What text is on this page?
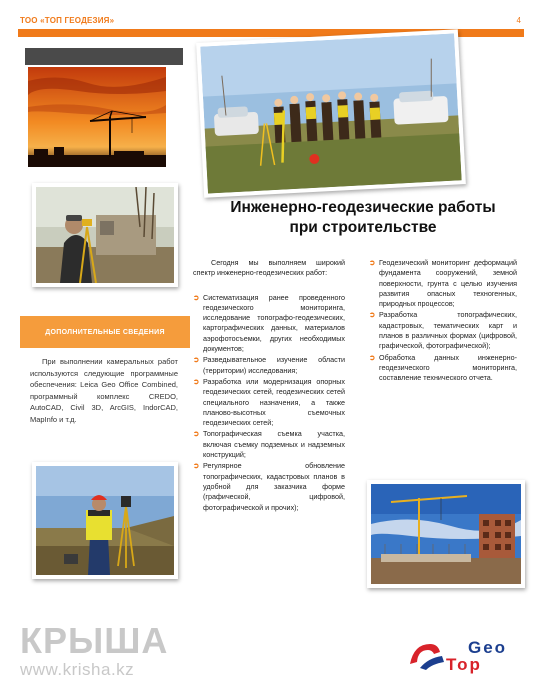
ТОО «ТОП ГЕОДЕЗИЯ»	4
Инженерно-геодезические работы
при строительстве
ДОПОЛНИТЕЛЬНЫЕ СВЕДЕНИЯ
При выполнении камеральных работ используются следующие программные обеспечения: Leica Geo Office Combined, программный комплекс CREDO, AutoCAD, Civil 3D, ArcGIS, IndorCAD, MapInfo и т.д.

Сегодня мы выполняем широкий спектр инженерно-геодезических работ:

➲ Систематизация ранее проведенного геодезического мониторинга, исследование топографо-геодезических, картографических данных, материалов аэрофотосъемки, других необходимых документов;
➲ Разведывательное изучение области (территории) исследования;
➲ Разработка или модернизация опорных геодезических сетей, геодезических сетей специального назначения, а также планово-высотных съемочных геодезических сетей;
➲ Топографическая съемка участка, включая съемку подземных и надземных конструкций;
➲ Регулярное обновление топографических, кадастровых планов в удобной для заказчика форме (графической, цифровой, фотографической и прочих);
➲ Геодезический мониторинг деформаций фундамента сооружений, земной поверхности, грунта с целью изучения развития опасных техногенных, природных процессов;
➲ Разработка топографических, кадастровых, тематических карт и планов в различных формах (цифровой, графической, фотографической);
➲ Обработка данных инженерно-геодезического мониторинга, составление технического отчета.
КРЫША
www.krisha.kz
Geo
Top
